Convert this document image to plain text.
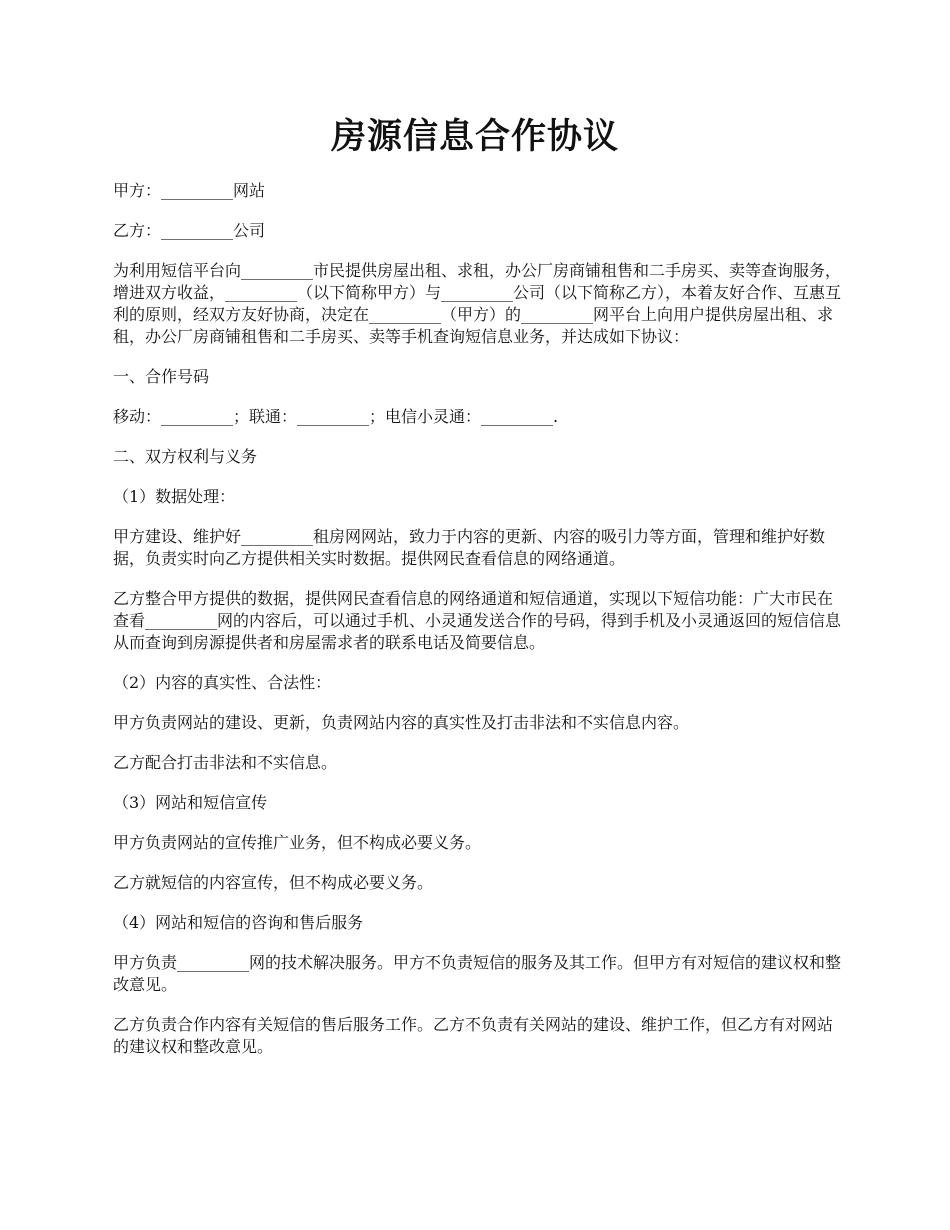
房源信息合作协议

甲方：_________网站

乙方：_________公司

为利用短信平台向_________市民提供房屋出租、求租，办公厂房商铺租售和二手房买、卖等查询服务，增进双方收益，_________（以下简称甲方）与_________公司（以下简称乙方），本着友好合作、互惠互利的原则，经双方友好协商，决定在_________（甲方）的_________网平台上向用户提供房屋出租、求租，办公厂房商铺租售和二手房买、卖等手机查询短信息业务，并达成如下协议：

一、合作号码

移动：_________；联通：_________；电信小灵通：_________.

二、双方权利与义务

（1）数据处理：

甲方建设、维护好_________租房网网站，致力于内容的更新、内容的吸引力等方面，管理和维护好数据，负责实时向乙方提供相关实时数据。提供网民查看信息的网络通道。

乙方整合甲方提供的数据，提供网民查看信息的网络通道和短信通道，实现以下短信功能：广大市民在查看_________网的内容后，可以通过手机、小灵通发送合作的号码，得到手机及小灵通返回的短信信息从而查询到房源提供者和房屋需求者的联系电话及简要信息。

（2）内容的真实性、合法性：

甲方负责网站的建设、更新，负责网站内容的真实性及打击非法和不实信息内容。

乙方配合打击非法和不实信息。

（3）网站和短信宣传

甲方负责网站的宣传推广业务，但不构成必要义务。

乙方就短信的内容宣传，但不构成必要义务。

（4）网站和短信的咨询和售后服务

甲方负责_________网的技术解决服务。甲方不负责短信的服务及其工作。但甲方有对短信的建议权和整改意见。

乙方负责合作内容有关短信的售后服务工作。乙方不负责有关网站的建设、维护工作，但乙方有对网站的建议权和整改意见。
